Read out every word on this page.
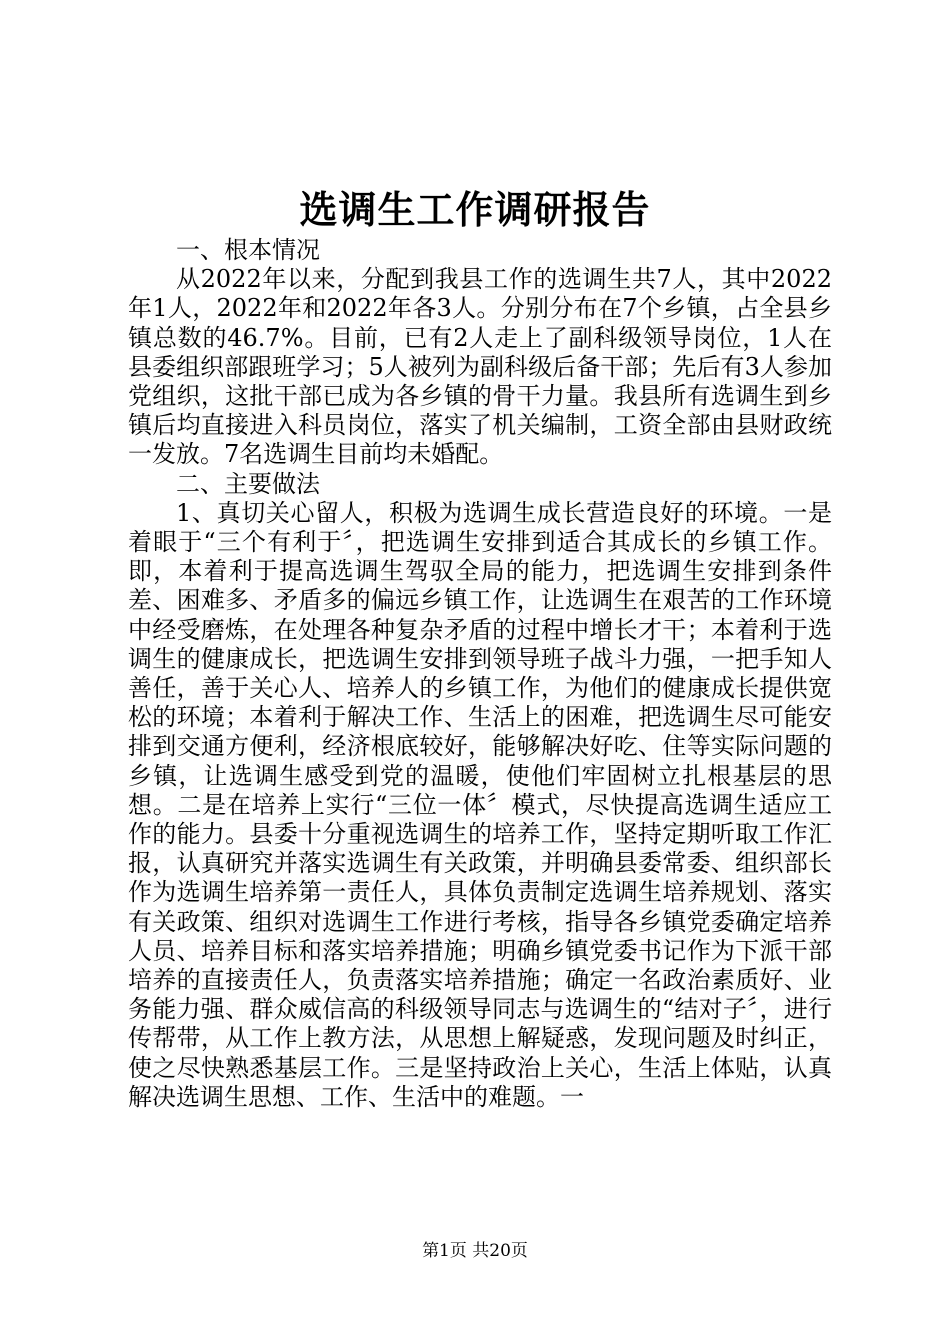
选调生工作调研报告

一、根本情况

从2022年以来，分配到我县工作的选调生共7人，其中2022年1人，2022年和2022年各3人。分别分布在7个乡镇，占全县乡镇总数的46.7%。目前，已有2人走上了副科级领导岗位，1人在县委组织部跟班学习；5人被列为副科级后备干部；先后有3人参加党组织，这批干部已成为各乡镇的骨干力量。我县所有选调生到乡镇后均直接进入科员岗位，落实了机关编制，工资全部由县财政统一发放。7名选调生目前均未婚配。

二、主要做法

1、真切关心留人，积极为选调生成长营造良好的环境。一是着眼于“三个有利于〞，把选调生安排到适合其成长的乡镇工作。即，本着利于提高选调生驾驭全局的能力，把选调生安排到条件差、困难多、矛盾多的偏远乡镇工作，让选调生在艰苦的工作环境中经受磨炼，在处理各种复杂矛盾的过程中增长才干；本着利于选调生的健康成长，把选调生安排到领导班子战斗力强，一把手知人善任，善于关心人、培养人的乡镇工作，为他们的健康成长提供宽松的环境；本着利于解决工作、生活上的困难，把选调生尽可能安排到交通方便利，经济根底较好，能够解决好吃、住等实际问题的乡镇，让选调生感受到党的温暖，使他们牢固树立扎根基层的思想。二是在培养上实行“三位一体〞模式，尽快提高选调生适应工作的能力。县委十分重视选调生的培养工作，坚持定期听取工作汇报，认真研究并落实选调生有关政策，并明确县委常委、组织部长作为选调生培养第一责任人，具体负责制定选调生培养规划、落实有关政策、组织对选调生工作进行考核，指导各乡镇党委确定培养人员、培养目标和落实培养措施；明确乡镇党委书记作为下派干部培养的直接责任人，负责落实培养措施；确定一名政治素质好、业务能力强、群众威信高的科级领导同志与选调生的“结对子〞，进行传帮带，从工作上教方法，从思想上解疑惑，发现问题及时纠正，使之尽快熟悉基层工作。三是坚持政治上关心，生活上体贴，认真解决选调生思想、工作、生活中的难题。一

第1页 共20页
